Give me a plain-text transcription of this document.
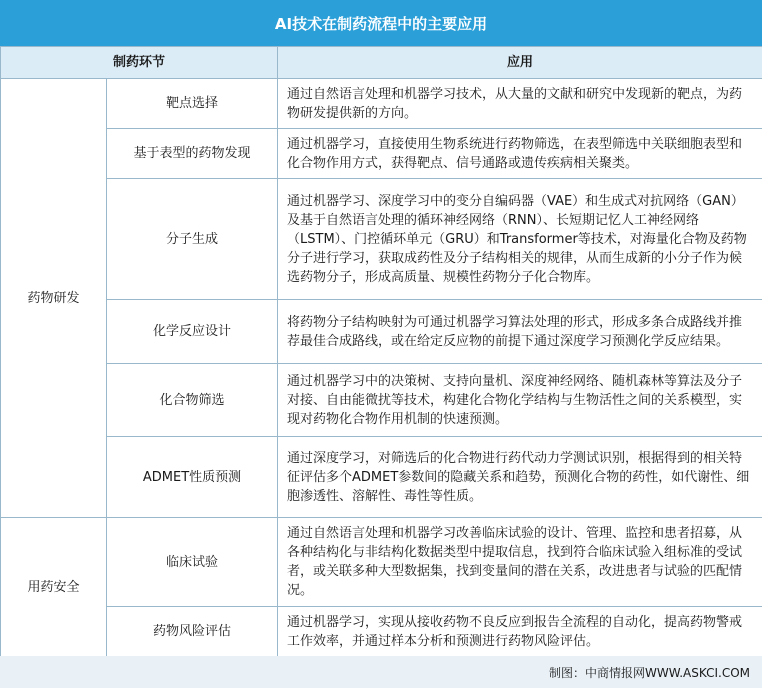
AI技术在制药流程中的主要应用
制药环节		应用
药物研发	靶点选择	通过自然语言处理和机器学习技术，从大量的文献和研究中发现新的靶点，为药物研发提供新的方向。
	基于表型的药物发现	通过机器学习，直接使用生物系统进行药物筛选，在表型筛选中关联细胞表型和化合物作用方式，获得靶点、信号通路或遗传疾病相关聚类。
	分子生成	通过机器学习、深度学习中的变分自编码器（VAE）和生成式对抗网络（GAN）及基于自然语言处理的循环神经网络（RNN）、长短期记忆人工神经网络（LSTM）、门控循环单元（GRU）和Transformer等技术，对海量化合物及药物分子进行学习，获取成药性及分子结构相关的规律，从而生成新的小分子作为候选药物分子，形成高质量、规模性药物分子化合物库。
	化学反应设计	将药物分子结构映射为可通过机器学习算法处理的形式，形成多条合成路线并推荐最佳合成路线，或在给定反应物的前提下通过深度学习预测化学反应结果。
	化合物筛选	通过机器学习中的决策树、支持向量机、深度神经网络、随机森林等算法及分子对接、自由能微扰等技术，构建化合物化学结构与生物活性之间的关系模型，实现对药物化合物作用机制的快速预测。
	ADMET性质预测	通过深度学习，对筛选后的化合物进行药代动力学测试识别，根据得到的相关特征评估多个ADMET参数间的隐藏关系和趋势，预测化合物的药性，如代谢性、细胞渗透性、溶解性、毒性等性质。
用药安全	临床试验	通过自然语言处理和机器学习改善临床试验的设计、管理、监控和患者招募，从各种结构化与非结构化数据类型中提取信息，找到符合临床试验入组标准的受试者，或关联多种大型数据集，找到变量间的潜在关系，改进患者与试验的匹配情况。
	药物风险评估	通过机器学习，实现从接收药物不良反应到报告全流程的自动化，提高药物警戒工作效率，并通过样本分析和预测进行药物风险评估。
制图：中商情报网WWW.ASKCI.COM
